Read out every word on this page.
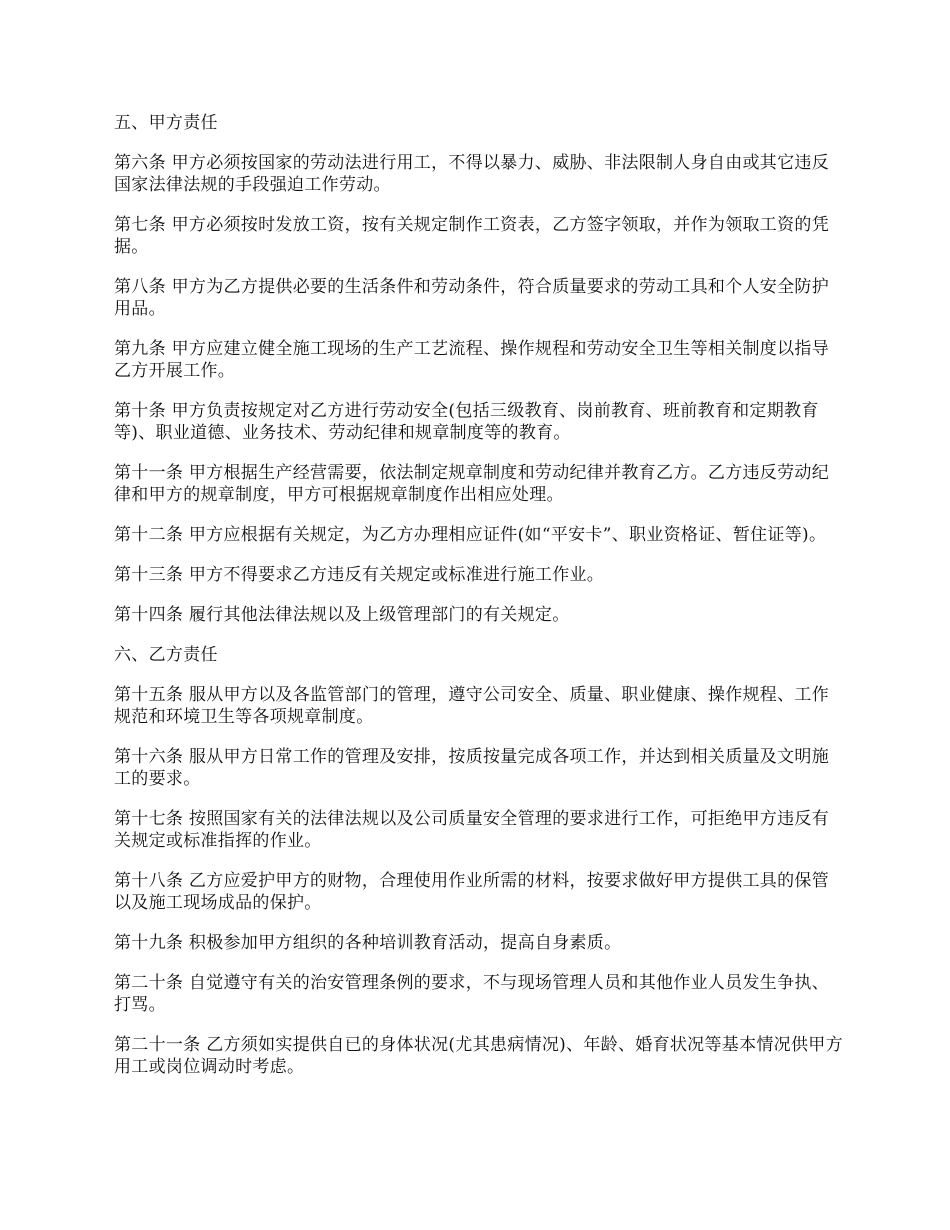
五、甲方责任

第六条 甲方必须按国家的劳动法进行用工，不得以暴力、威胁、非法限制人身自由或其它违反国家法律法规的手段强迫工作劳动。

第七条 甲方必须按时发放工资，按有关规定制作工资表，乙方签字领取，并作为领取工资的凭据。

第八条 甲方为乙方提供必要的生活条件和劳动条件，符合质量要求的劳动工具和个人安全防护用品。

第九条 甲方应建立健全施工现场的生产工艺流程、操作规程和劳动安全卫生等相关制度以指导乙方开展工作。

第十条 甲方负责按规定对乙方进行劳动安全(包括三级教育、岗前教育、班前教育和定期教育等)、职业道德、业务技术、劳动纪律和规章制度等的教育。

第十一条 甲方根据生产经营需要，依法制定规章制度和劳动纪律并教育乙方。乙方违反劳动纪律和甲方的规章制度，甲方可根据规章制度作出相应处理。

第十二条 甲方应根据有关规定，为乙方办理相应证件(如“平安卡”、职业资格证、暂住证等)。

第十三条 甲方不得要求乙方违反有关规定或标准进行施工作业。

第十四条 履行其他法律法规以及上级管理部门的有关规定。

六、乙方责任

第十五条 服从甲方以及各监管部门的管理，遵守公司安全、质量、职业健康、操作规程、工作规范和环境卫生等各项规章制度。

第十六条 服从甲方日常工作的管理及安排，按质按量完成各项工作，并达到相关质量及文明施工的要求。

第十七条 按照国家有关的法律法规以及公司质量安全管理的要求进行工作，可拒绝甲方违反有关规定或标准指挥的作业。

第十八条 乙方应爱护甲方的财物，合理使用作业所需的材料，按要求做好甲方提供工具的保管以及施工现场成品的保护。

第十九条 积极参加甲方组织的各种培训教育活动，提高自身素质。

第二十条 自觉遵守有关的治安管理条例的要求，不与现场管理人员和其他作业人员发生争执、打骂。

第二十一条 乙方须如实提供自已的身体状况(尤其患病情况)、年龄、婚育状况等基本情况供甲方用工或岗位调动时考虑。
